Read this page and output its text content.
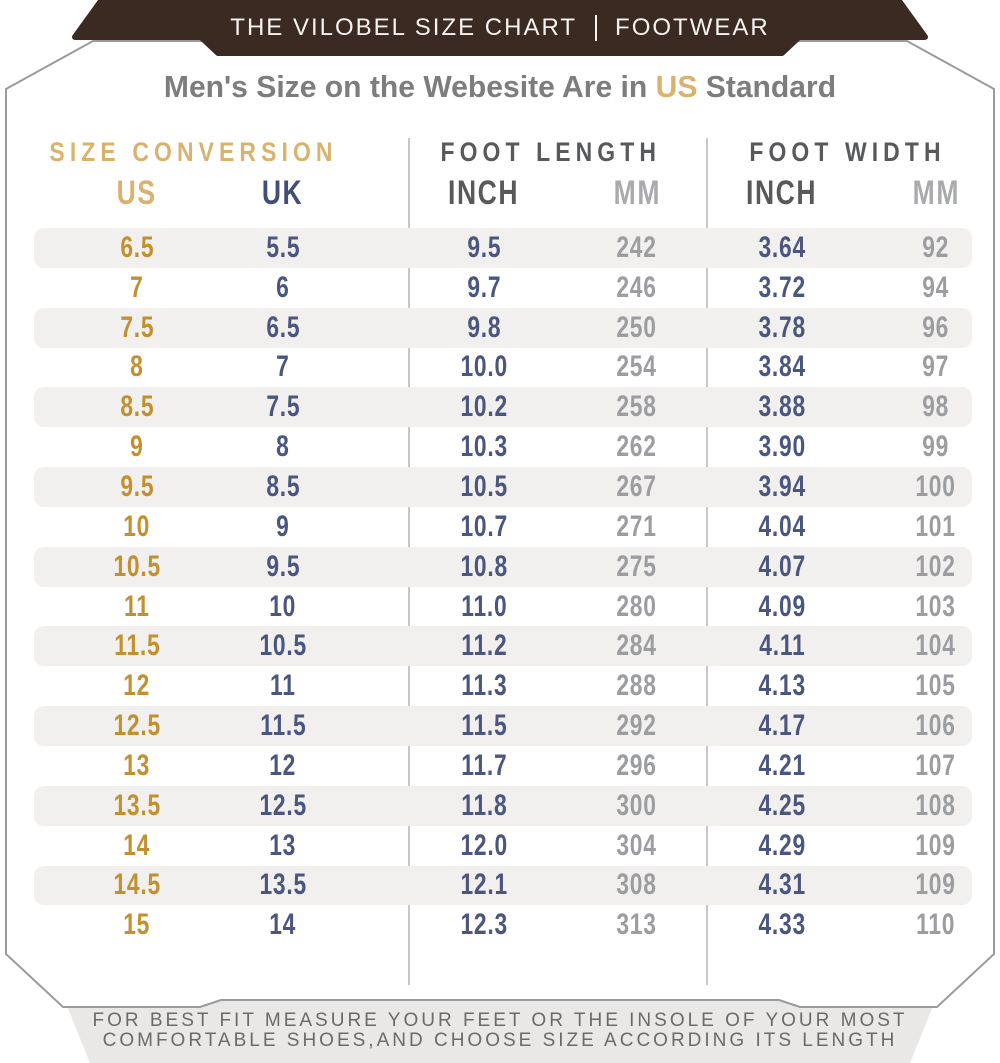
THE VILOBEL SIZE CHART FOOTWEAR
Men's Size on the Webesite Are in US Standard
SIZE CONVERSION	FOOT LENGTH	FOOT WIDTH
US	UK	INCH	MM	INCH	MM
6.5	5.5	9.5	242	3.64	92
7	6	9.7	246	3.72	94
7.5	6.5	9.8	250	3.78	96
8	7	10.0	254	3.84	97
8.5	7.5	10.2	258	3.88	98
9	8	10.3	262	3.90	99
9.5	8.5	10.5	267	3.94	100
10	9	10.7	271	4.04	101
10.5	9.5	10.8	275	4.07	102
11	10	11.0	280	4.09	103
11.5	10.5	11.2	284	4.11	104
12	11	11.3	288	4.13	105
12.5	11.5	11.5	292	4.17	106
13	12	11.7	296	4.21	107
13.5	12.5	11.8	300	4.25	108
14	13	12.0	304	4.29	109
14.5	13.5	12.1	308	4.31	109
15	14	12.3	313	4.33	110
FOR BEST FIT MEASURE YOUR FEET OR THE INSOLE OF YOUR MOST
COMFORTABLE SHOES,AND CHOOSE SIZE ACCORDING ITS LENGTH
